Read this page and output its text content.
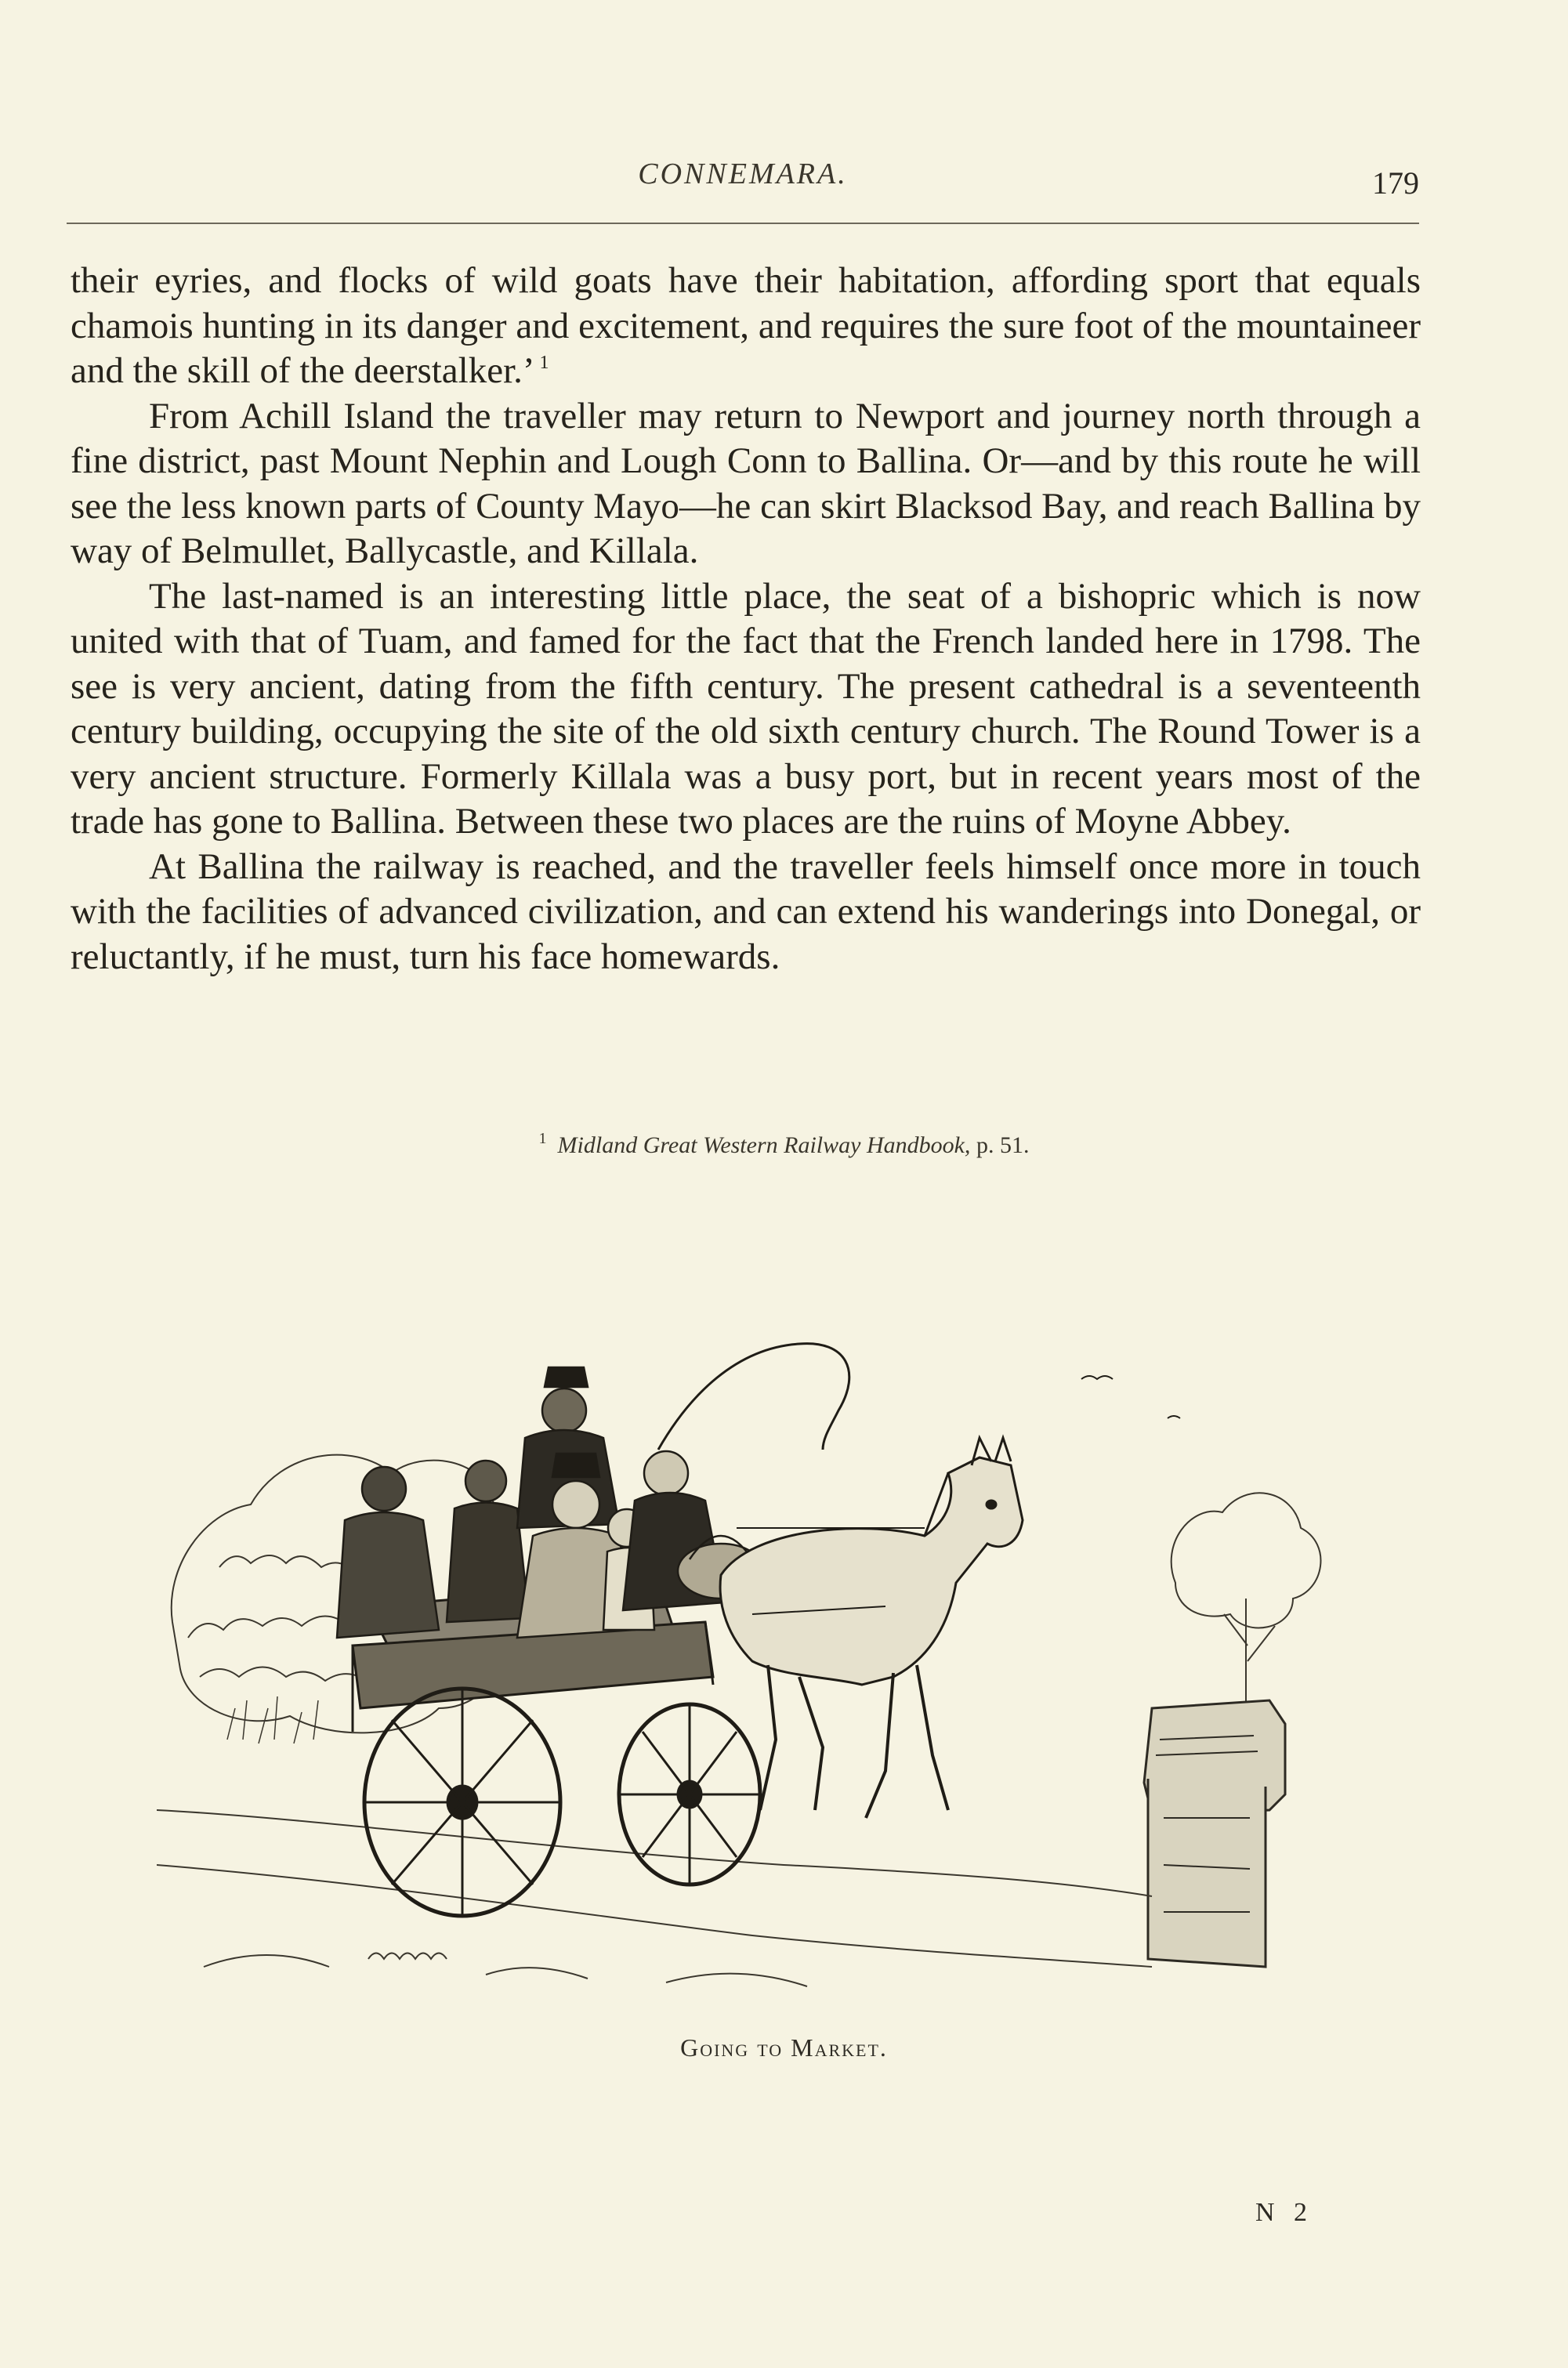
CONNEMARA.	179

their eyries, and flocks of wild goats have their habitation, affording sport that equals chamois hunting in its danger and excitement, and requires the sure foot of the mountaineer and the skill of the deerstalker.’ $^1$

From Achill Island the traveller may return to Newport and journey north through a fine district, past Mount Nephin and Lough Conn to Ballina. Or—and by this route he will see the less known parts of County Mayo—he can skirt Blacksod Bay, and reach Ballina by way of Belmullet, Ballycastle, and Killala.

The last-named is an interesting little place, the seat of a bishopric which is now united with that of Tuam, and famed for the fact that the French landed here in 1798. The see is very ancient, dating from the fifth century. The present cathedral is a seventeenth century building, occupying the site of the old sixth century church. The Round Tower is a very ancient structure. Formerly Killala was a busy port, but in recent years most of the trade has gone to Ballina. Between these two places are the ruins of Moyne Abbey.

At Ballina the railway is reached, and the traveller feels himself once more in touch with the facilities of advanced civilization, and can extend his wanderings into Donegal, or reluctantly, if he must, turn his face homewards.

$^1$ Midland Great Western Railway Handbook, p. 51.
Going to Market.
N 2
